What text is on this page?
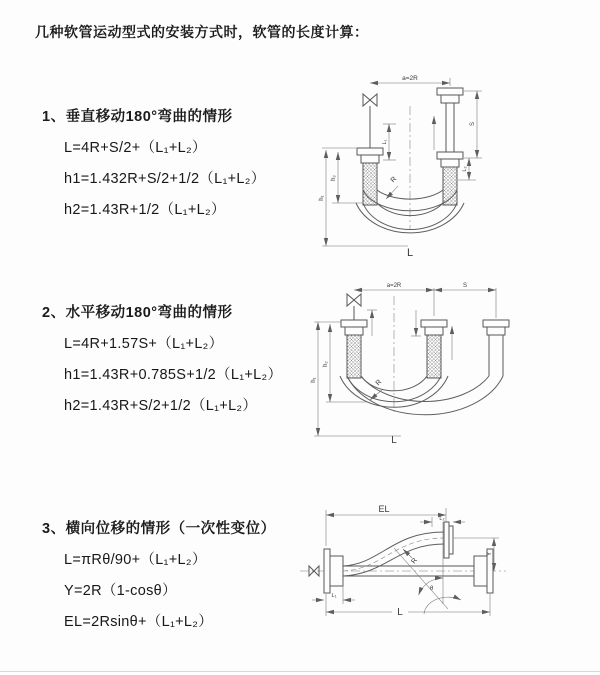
几种软管运动型式的安装方式时，软管的长度计算：
1、垂直移动180°弯曲的情形
L=4R+S/2+（L₁+L₂）
h1=1.432R+S/2+1/2（L₁+L₂）
h2=1.43R+1/2（L₁+L₂）
a=2R
h₁
h₂
L₁
S
L₂
R
L
2、水平移动180°弯曲的情形
L=4R+1.57S+（L₁+L₂）
h1=1.43R+0.785S+1/2（L₁+L₂）
h2=1.43R+S/2+1/2（L₁+L₂）
a=2R	S
h₁
h₂
R
L
3、横向位移的情形（一次性变位）
L=πRθ/90+（L₁+L₂）
Y=2R（1-cosθ）
EL=2Rsinθ+（L₁+L₂）
θ
EL
L₂
Y
L
L₁
R
